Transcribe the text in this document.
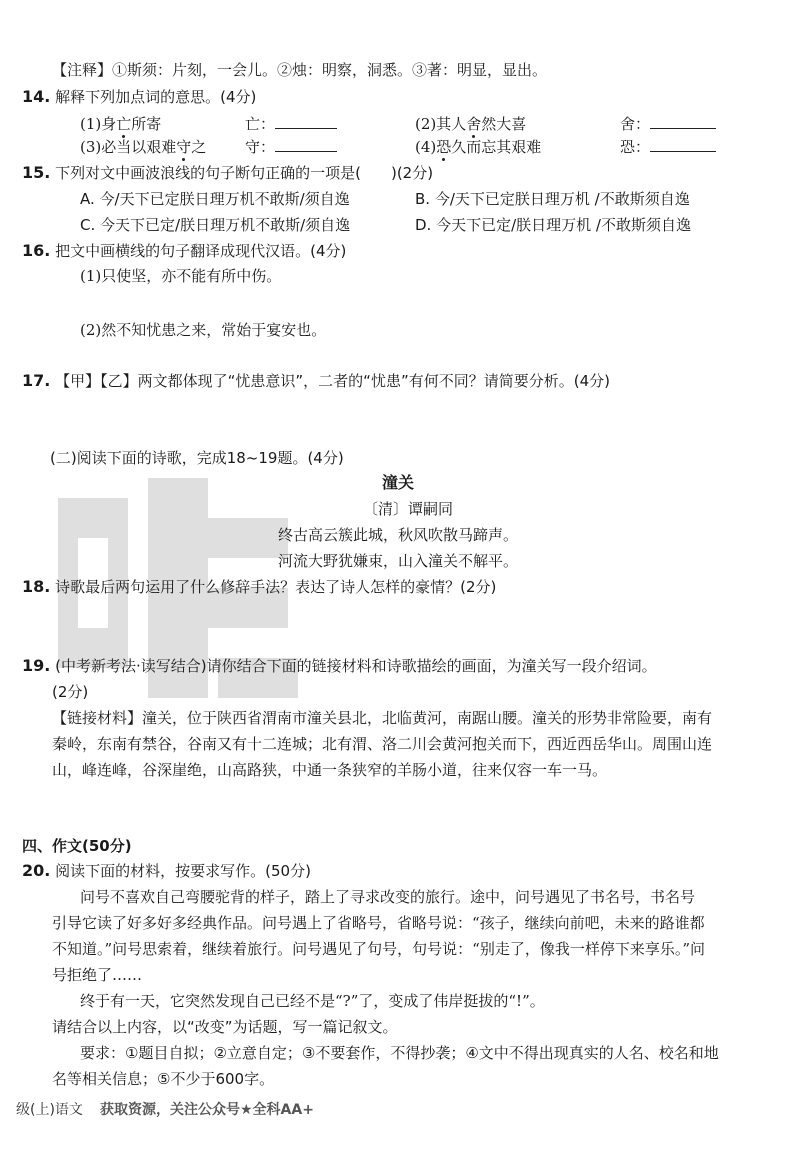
【注释】①斯须：片刻，一会儿。②烛：明察，洞悉。③著：明显，显出。
14. 解释下列加点词的意思。(4分)
(1)身亡所寄	亡：	(2)其人舍然大喜	舍：
(3)必当以艰难守之	守：	(4)恐久而忘其艰难	恐：
15. 下列对文中画波浪线的句子断句正确的一项是(　　)(2分)
A. 今/天下已定朕日理万机不敢斯/须自逸	B. 今/天下已定朕日理万机 /不敢斯须自逸
C. 今天下已定/朕日理万机不敢斯/须自逸	D. 今天下已定/朕日理万机 /不敢斯须自逸
16. 把文中画横线的句子翻译成现代汉语。(4分)
(1)只使坚，亦不能有所中伤。
(2)然不知忧患之来，常始于宴安也。
17. 【甲】【乙】两文都体现了“忧患意识”，二者的“忧患”有何不同？请简要分析。(4分)
(二)阅读下面的诗歌，完成18~19题。(4分)
潼关
〔清〕谭嗣同
终古高云簇此城，秋风吹散马蹄声。
河流大野犹嫌束，山入潼关不解平。
18. 诗歌最后两句运用了什么修辞手法？表达了诗人怎样的豪情？(2分)
19. (中考新考法·读写结合)请你结合下面的链接材料和诗歌描绘的画面，为潼关写一段介绍词。
(2分)
【链接材料】潼关，位于陕西省渭南市潼关县北，北临黄河，南踞山腰。潼关的形势非常险要，南有
秦岭，东南有禁谷，谷南又有十二连城；北有渭、洛二川会黄河抱关而下，西近西岳华山。周围山连
山，峰连峰，谷深崖绝，山高路狭，中通一条狭窄的羊肠小道，往来仅容一车一马。
四、作文(50分)
20. 阅读下面的材料，按要求写作。(50分)
问号不喜欢自己弯腰驼背的样子，踏上了寻求改变的旅行。途中，问号遇见了书名号，书名号
引导它读了好多好多经典作品。问号遇上了省略号，省略号说：“孩子，继续向前吧，未来的路谁都
不知道。”问号思索着，继续着旅行。问号遇见了句号，句号说：“别走了，像我一样停下来享乐。”问
号拒绝了……
终于有一天，它突然发现自己已经不是“?”了，变成了伟岸挺拔的“!”。
请结合以上内容，以“改变”为话题，写一篇记叙文。
要求：①题目自拟；②立意自定；③不要套作，不得抄袭；④文中不得出现真实的人名、校名和地
名等相关信息；⑤不少于600字。
级(上)语文 获取资源，关注公众号★全科AA+
